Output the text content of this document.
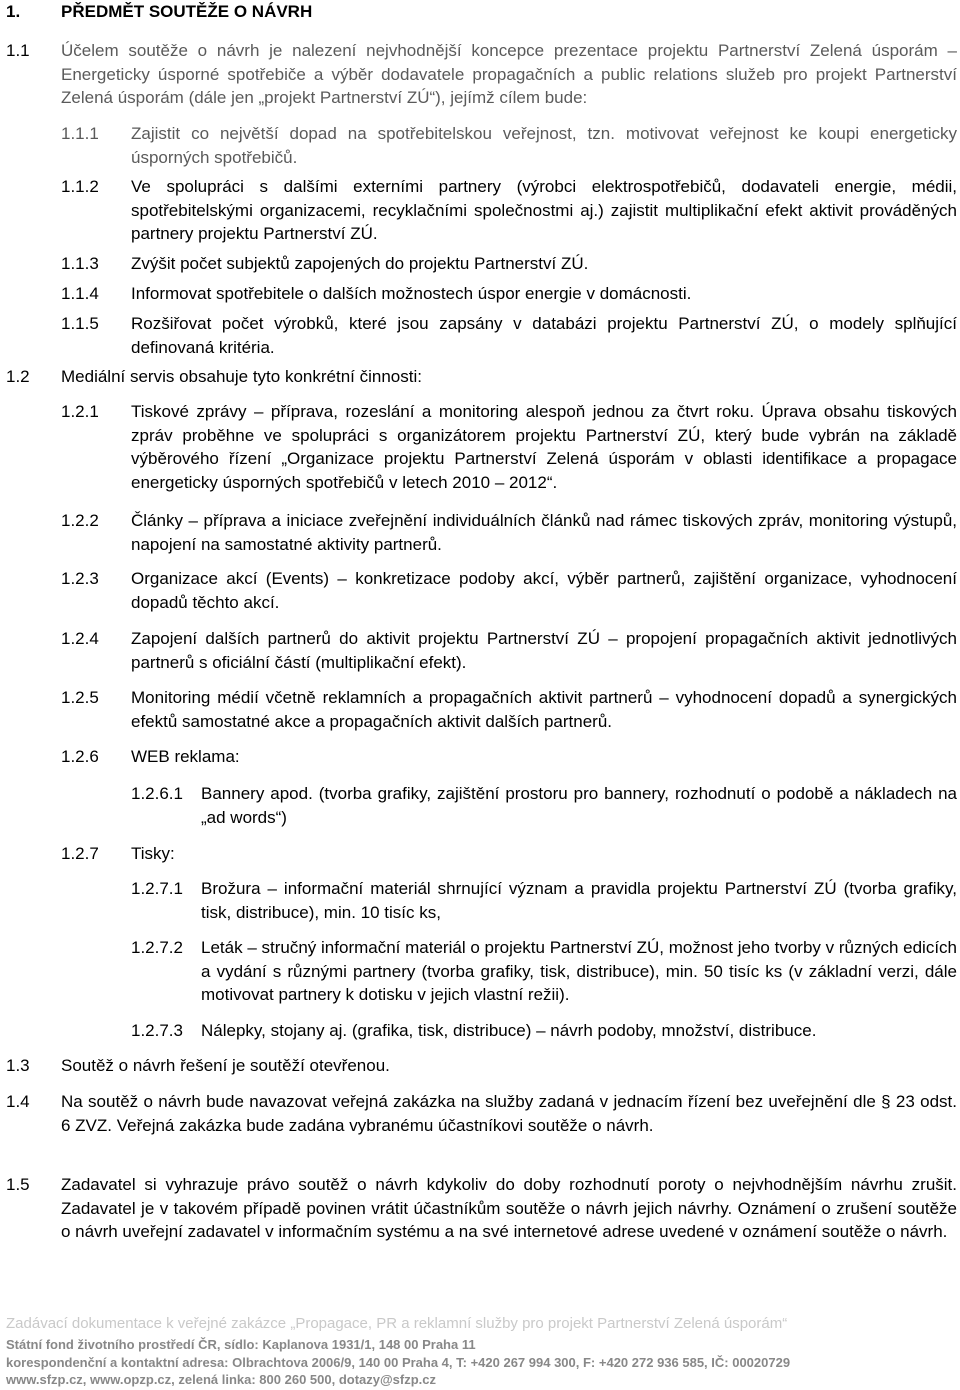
1. PŘEDMĚT SOUTĚŽE O NÁVRH
1.1 Účelem soutěže o návrh je nalezení nejvhodnější koncepce prezentace projektu Partnerství Zelená úsporám – Energeticky úsporné spotřebiče a výběr dodavatele propagačních a public relations služeb pro projekt Partnerství Zelená úsporám (dále jen „projekt Partnerství ZÚ“), jejímž cílem bude:
1.1.1 Zajistit co největší dopad na spotřebitelskou veřejnost, tzn. motivovat veřejnost ke koupi energeticky úsporných spotřebičů.
1.1.2 Ve spolupráci s dalšími externími partnery (výrobci elektrospotřebičů, dodavateli energie, médii, spotřebitelskými organizacemi, recyklačními společnostmi aj.) zajistit multiplikační efekt aktivit prováděných partnery projektu Partnerství ZÚ.
1.1.3 Zvýšit počet subjektů zapojených do projektu Partnerství ZÚ.
1.1.4 Informovat spotřebitele o dalších možnostech úspor energie v domácnosti.
1.1.5 Rozšiřovat počet výrobků, které jsou zapsány v databázi projektu Partnerství ZÚ, o modely splňující definovaná kritéria.
1.2 Mediální servis obsahuje tyto konkrétní činnosti:
1.2.1 Tiskové zprávy – příprava, rozeslání a monitoring alespoň jednou za čtvrt roku. Úprava obsahu tiskových zpráv proběhne ve spolupráci s organizátorem projektu Partnerství ZÚ, který bude vybrán na základě výběrového řízení „Organizace projektu Partnerství Zelená úsporám v oblasti identifikace a propagace energeticky úsporných spotřebičů v letech 2010 – 2012“.
1.2.2 Články – příprava a iniciace zveřejnění individuálních článků nad rámec tiskových zpráv, monitoring výstupů, napojení na samostatné aktivity partnerů.
1.2.3 Organizace akcí (Events) – konkretizace podoby akcí, výběr partnerů, zajištění organizace, vyhodnocení dopadů těchto akcí.
1.2.4 Zapojení dalších partnerů do aktivit projektu Partnerství ZÚ – propojení propagačních aktivit jednotlivých partnerů s oficiální částí (multiplikační efekt).
1.2.5 Monitoring médií včetně reklamních a propagačních aktivit partnerů – vyhodnocení dopadů a synergických efektů samostatné akce a propagačních aktivit dalších partnerů.
1.2.6 WEB reklama:
1.2.6.1 Bannery apod. (tvorba grafiky, zajištění prostoru pro bannery, rozhodnutí o podobě a nákladech na „ad words“)
1.2.7 Tisky:
1.2.7.1 Brožura – informační materiál shrnující význam a pravidla projektu Partnerství ZÚ (tvorba grafiky, tisk, distribuce), min. 10 tisíc ks,
1.2.7.2 Leták – stručný informační materiál o projektu Partnerství ZÚ, možnost jeho tvorby v různých edicích a vydání s různými partnery (tvorba grafiky, tisk, distribuce), min. 50 tisíc ks (v základní verzi, dále motivovat partnery k dotisku v jejich vlastní režii).
1.2.7.3 Nálepky, stojany aj. (grafika, tisk, distribuce) – návrh podoby, množství, distribuce.
1.3 Soutěž o návrh řešení je soutěží otevřenou.
1.4 Na soutěž o návrh bude navazovat veřejná zakázka na služby zadaná v jednacím řízení bez uveřejnění dle § 23 odst. 6 ZVZ. Veřejná zakázka bude zadána vybranému účastníkovi soutěže o návrh.
1.5 Zadavatel si vyhrazuje právo soutěž o návrh kdykoliv do doby rozhodnutí poroty o nejvhodnějším návrhu zrušit. Zadavatel je v takovém případě povinen vrátit účastníkům soutěže o návrh jejich návrhy. Oznámení o zrušení soutěže o návrh uveřejní zadavatel v informačním systému a na své internetové adrese uvedené v oznámení soutěže o návrh.
Zadávací dokumentace k veřejné zakázce „Propagace, PR a reklamní služby pro projekt Partnerství Zelená úsporám“
Státní fond životního prostředí ČR, sídlo: Kaplanova 1931/1, 148 00 Praha 11
korespondenční a kontaktní adresa: Olbrachtova 2006/9, 140 00 Praha 4, T: +420 267 994 300, F: +420 272 936 585, IČ: 00020729
www.sfzp.cz, www.opzp.cz, zelená linka: 800 260 500, dotazy@sfzp.cz
